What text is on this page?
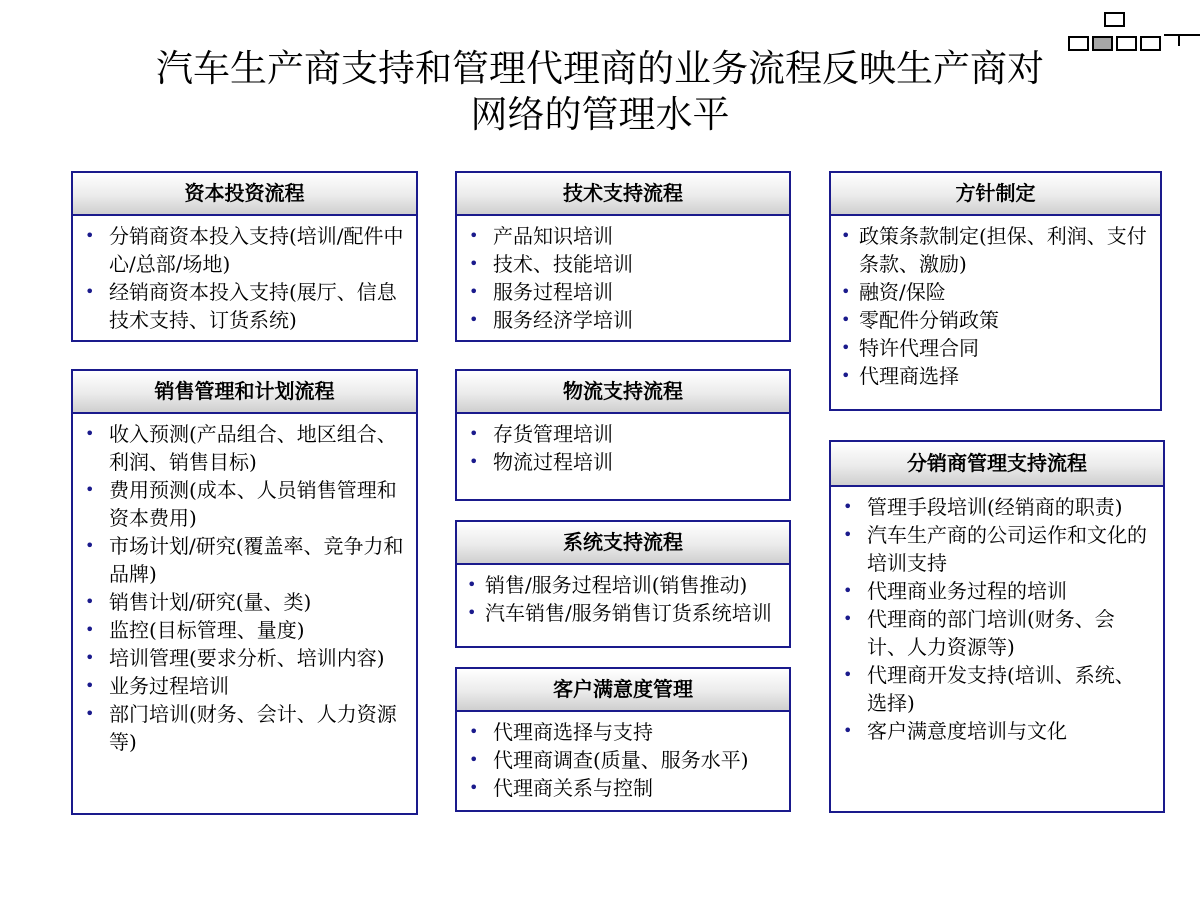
汽车生产商支持和管理代理商的业务流程反映生产商对
网络的管理水平
资本投资流程
• 分销商资本投入支持(培训/配件中心/总部/场地)
• 经销商资本投入支持(展厅、信息技术支持、订货系统)
技术支持流程
• 产品知识培训
• 技术、技能培训
• 服务过程培训
• 服务经济学培训
方针制定
• 政策条款制定(担保、利润、支付条款、激励)
• 融资/保险
• 零配件分销政策
• 特许代理合同
• 代理商选择
销售管理和计划流程
• 收入预测(产品组合、地区组合、利润、销售目标)
• 费用预测(成本、人员销售管理和资本费用)
• 市场计划/研究(覆盖率、竞争力和品牌)
• 销售计划/研究(量、类)
• 监控(目标管理、量度)
• 培训管理(要求分析、培训内容)
• 业务过程培训
• 部门培训(财务、会计、人力资源等)
物流支持流程
• 存货管理培训
• 物流过程培训
系统支持流程
• 销售/服务过程培训(销售推动)
• 汽车销售/服务销售订货系统培训
客户满意度管理
• 代理商选择与支持
• 代理商调查(质量、服务水平)
• 代理商关系与控制
分销商管理支持流程
• 管理手段培训(经销商的职责)
• 汽车生产商的公司运作和文化的培训支持
• 代理商业务过程的培训
• 代理商的部门培训(财务、会计、人力资源等)
• 代理商开发支持(培训、系统、选择)
• 客户满意度培训与文化
